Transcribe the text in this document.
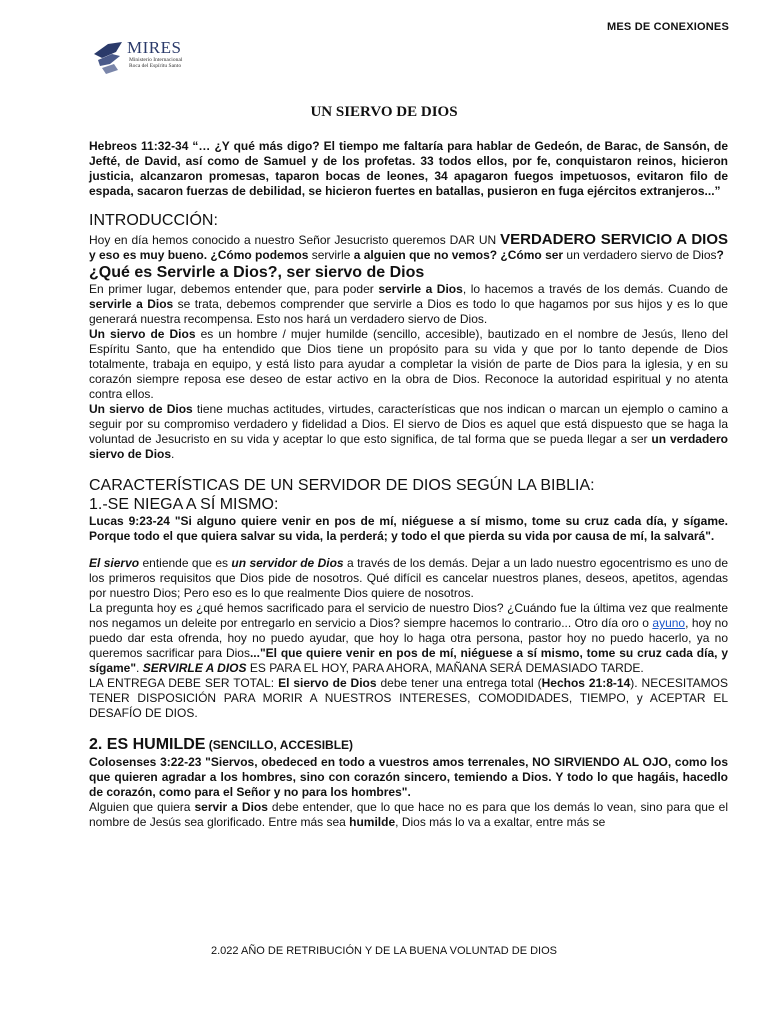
MES DE CONEXIONES
MIRES
Ministerio Internacional
Roca del Espíritu Santo
UN SIERVO DE DIOS

Hebreos 11:32-34 “… ¿Y qué más digo? El tiempo me faltaría para hablar de Gedeón, de Barac, de Sansón, de Jefté, de David, así como de Samuel y de los profetas. 33 todos ellos, por fe, conquistaron reinos, hicieron justicia, alcanzaron promesas, taparon bocas de leones, 34 apagaron fuegos impetuosos, evitaron filo de espada, sacaron fuerzas de debilidad, se hicieron fuertes en batallas, pusieron en fuga ejércitos extranjeros...”

INTRODUCCIÓN:

Hoy en día hemos conocido a nuestro Señor Jesucristo queremos DAR UN VERDADERO SERVICIO A DIOS y eso es muy bueno. ¿Cómo podemos servirle a alguien que no vemos? ¿Cómo ser un verdadero siervo de Dios?

¿Qué es Servirle a Dios?, ser siervo de Dios

En primer lugar, debemos entender que, para poder servirle a Dios, lo hacemos a través de los demás. Cuando de servirle a Dios se trata, debemos comprender que servirle a Dios es todo lo que hagamos por sus hijos y es lo que generará nuestra recompensa. Esto nos hará un verdadero siervo de Dios.

Un siervo de Dios es un hombre / mujer humilde (sencillo, accesible), bautizado en el nombre de Jesús, lleno del Espíritu Santo, que ha entendido que Dios tiene un propósito para su vida y que por lo tanto depende de Dios totalmente, trabaja en equipo, y está listo para ayudar a completar la visión de parte de Dios para la iglesia, y en su corazón siempre reposa ese deseo de estar activo en la obra de Dios. Reconoce la autoridad espiritual y no atenta contra ellos.

Un siervo de Dios tiene muchas actitudes, virtudes, características que nos indican o marcan un ejemplo o camino a seguir por su compromiso verdadero y fidelidad a Dios. El siervo de Dios es aquel que está dispuesto que se haga la voluntad de Jesucristo en su vida y aceptar lo que esto significa, de tal forma que se pueda llegar a ser un verdadero siervo de Dios.

CARACTERÍSTICAS DE UN SERVIDOR DE DIOS SEGÚN LA BIBLIA:
1.-SE NIEGA A SÍ MISMO:

Lucas 9:23-24 "Si alguno quiere venir en pos de mí, niéguese a sí mismo, tome su cruz cada día, y sígame. Porque todo el que quiera salvar su vida, la perderá; y todo el que pierda su vida por causa de mí, la salvará".

El siervo entiende que es un servidor de Dios a través de los demás. Dejar a un lado nuestro egocentrismo es uno de los primeros requisitos que Dios pide de nosotros. Qué difícil es cancelar nuestros planes, deseos, apetitos, agendas por nuestro Dios; Pero eso es lo que realmente Dios quiere de nosotros.

La pregunta hoy es ¿qué hemos sacrificado para el servicio de nuestro Dios? ¿Cuándo fue la última vez que realmente nos negamos un deleite por entregarlo en servicio a Dios? siempre hacemos lo contrario... Otro día oro o ayuno, hoy no puedo dar esta ofrenda, hoy no puedo ayudar, que hoy lo haga otra persona, pastor hoy no puedo hacerlo, ya no queremos sacrificar para Dios..."El que quiere venir en pos de mí, niéguese a sí mismo, tome su cruz cada día, y sígame". SERVIRLE A DIOS ES PARA EL HOY, PARA AHORA, MAÑANA SERÁ DEMASIADO TARDE.

LA ENTREGA DEBE SER TOTAL: El siervo de Dios debe tener una entrega total (Hechos 21:8-14). NECESITAMOS TENER DISPOSICIÓN PARA MORIR A NUESTROS INTERESES, COMODIDADES, TIEMPO, y ACEPTAR EL DESAFÍO DE DIOS.

2. ES HUMILDE (SENCILLO, ACCESIBLE)

Colosenses 3:22-23 "Siervos, obedeced en todo a vuestros amos terrenales, NO SIRVIENDO AL OJO, como los que quieren agradar a los hombres, sino con corazón sincero, temiendo a Dios. Y todo lo que hagáis, hacedlo de corazón, como para el Señor y no para los hombres".

Alguien que quiera servir a Dios debe entender, que lo que hace no es para que los demás lo vean, sino para que el nombre de Jesús sea glorificado. Entre más sea humilde, Dios más lo va a exaltar, entre más se

2.022 AÑO DE RETRIBUCIÓN Y DE LA BUENA VOLUNTAD DE DIOS
